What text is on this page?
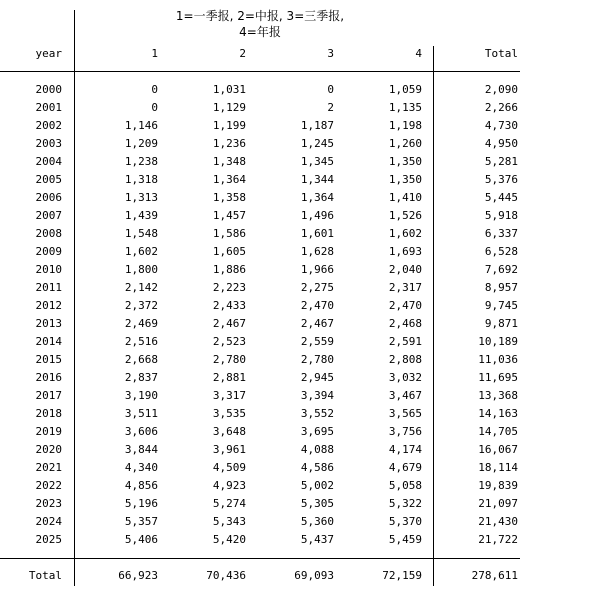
1=一季报, 2=中报, 3=三季报,
4=年报
year	1	2	3	4	Total
2000	0	1,031	0	1,059	2,090
2001	0	1,129	2	1,135	2,266
2002	1,146	1,199	1,187	1,198	4,730
2003	1,209	1,236	1,245	1,260	4,950
2004	1,238	1,348	1,345	1,350	5,281
2005	1,318	1,364	1,344	1,350	5,376
2006	1,313	1,358	1,364	1,410	5,445
2007	1,439	1,457	1,496	1,526	5,918
2008	1,548	1,586	1,601	1,602	6,337
2009	1,602	1,605	1,628	1,693	6,528
2010	1,800	1,886	1,966	2,040	7,692
2011	2,142	2,223	2,275	2,317	8,957
2012	2,372	2,433	2,470	2,470	9,745
2013	2,469	2,467	2,467	2,468	9,871
2014	2,516	2,523	2,559	2,591	10,189
2015	2,668	2,780	2,780	2,808	11,036
2016	2,837	2,881	2,945	3,032	11,695
2017	3,190	3,317	3,394	3,467	13,368
2018	3,511	3,535	3,552	3,565	14,163
2019	3,606	3,648	3,695	3,756	14,705
2020	3,844	3,961	4,088	4,174	16,067
2021	4,340	4,509	4,586	4,679	18,114
2022	4,856	4,923	5,002	5,058	19,839
2023	5,196	5,274	5,305	5,322	21,097
2024	5,357	5,343	5,360	5,370	21,430
2025	5,406	5,420	5,437	5,459	21,722
Total	66,923	70,436	69,093	72,159	278,611
